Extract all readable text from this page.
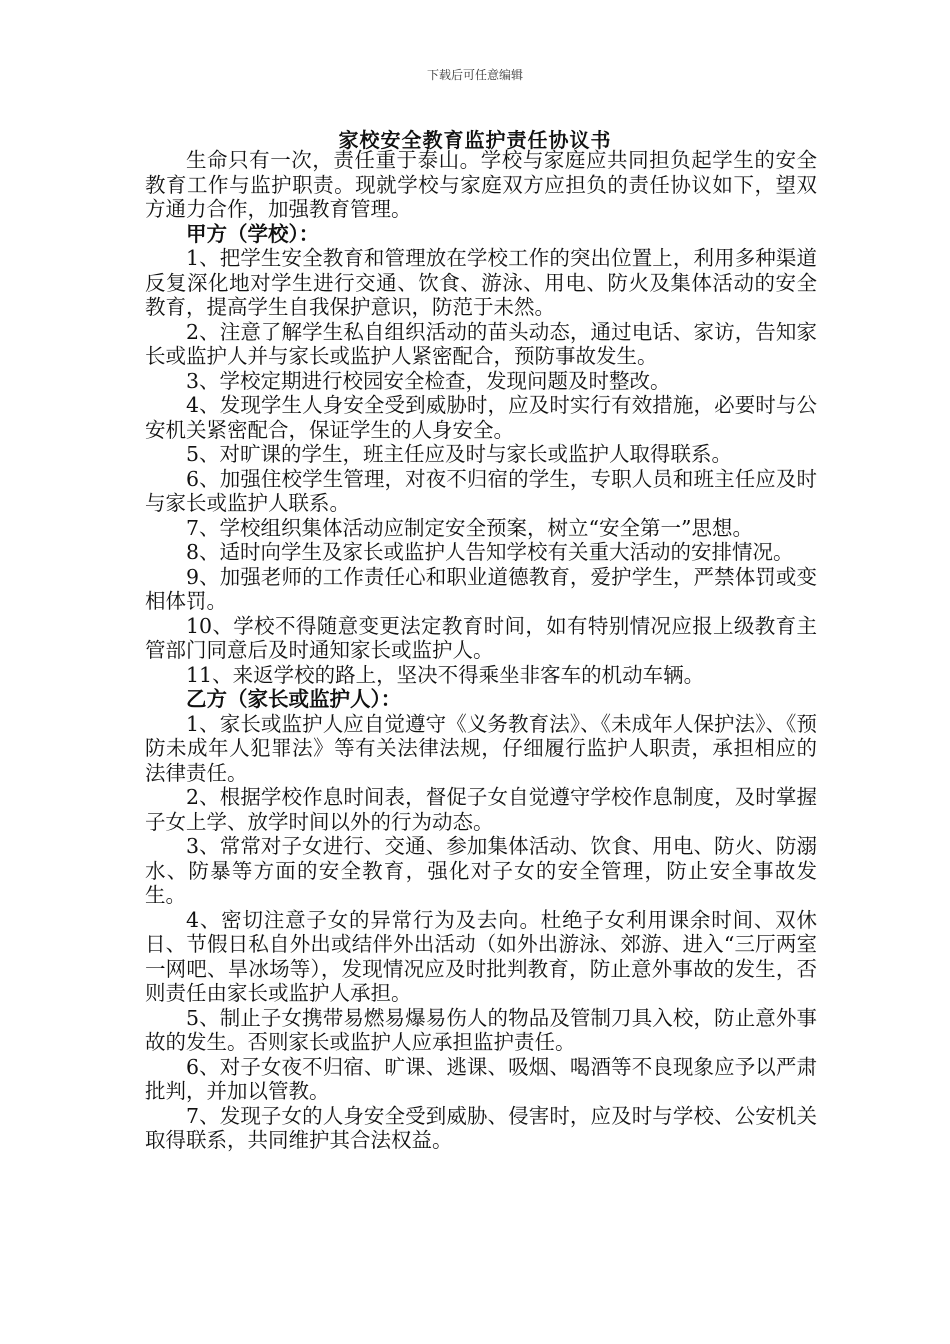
下载后可任意编辑
家校安全教育监护责任协议书

生命只有一次，责任重于泰山。学校与家庭应共同担负起学生的安全教育工作与监护职责。现就学校与家庭双方应担负的责任协议如下，望双方通力合作，加强教育管理。

甲方（学校）：

1、把学生安全教育和管理放在学校工作的突出位置上，利用多种渠道反复深化地对学生进行交通、饮食、游泳、用电、防火及集体活动的安全教育，提高学生自我保护意识，防范于未然。

2、注意了解学生私自组织活动的苗头动态，通过电话、家访，告知家长或监护人并与家长或监护人紧密配合，预防事故发生。

3、学校定期进行校园安全检查，发现问题及时整改。

4、发现学生人身安全受到威胁时，应及时实行有效措施，必要时与公安机关紧密配合，保证学生的人身安全。

5、对旷课的学生，班主任应及时与家长或监护人取得联系。

6、加强住校学生管理，对夜不归宿的学生，专职人员和班主任应及时与家长或监护人联系。

7、学校组织集体活动应制定安全预案，树立“安全第一”思想。

8、适时向学生及家长或监护人告知学校有关重大活动的安排情况。

9、加强老师的工作责任心和职业道德教育，爱护学生，严禁体罚或变相体罚。

10、学校不得随意变更法定教育时间，如有特别情况应报上级教育主管部门同意后及时通知家长或监护人。

11、来返学校的路上，坚决不得乘坐非客车的机动车辆。

乙方（家长或监护人）：

1、家长或监护人应自觉遵守《义务教育法》、《未成年人保护法》、《预防未成年人犯罪法》等有关法律法规，仔细履行监护人职责，承担相应的法律责任。

2、根据学校作息时间表，督促子女自觉遵守学校作息制度，及时掌握子女上学、放学时间以外的行为动态。

3、常常对子女进行、交通、参加集体活动、饮食、用电、防火、防溺水、防暴等方面的安全教育，强化对子女的安全管理，防止安全事故发生。

4、密切注意子女的异常行为及去向。杜绝子女利用课余时间、双休日、节假日私自外出或结伴外出活动（如外出游泳、郊游、进入“三厅两室一网吧、旱冰场等），发现情况应及时批判教育，防止意外事故的发生，否则责任由家长或监护人承担。

5、制止子女携带易燃易爆易伤人的物品及管制刀具入校，防止意外事故的发生。否则家长或监护人应承担监护责任。

6、对子女夜不归宿、旷课、逃课、吸烟、喝酒等不良现象应予以严肃批判，并加以管教。

7、发现子女的人身安全受到威胁、侵害时，应及时与学校、公安机关取得联系，共同维护其合法权益。
